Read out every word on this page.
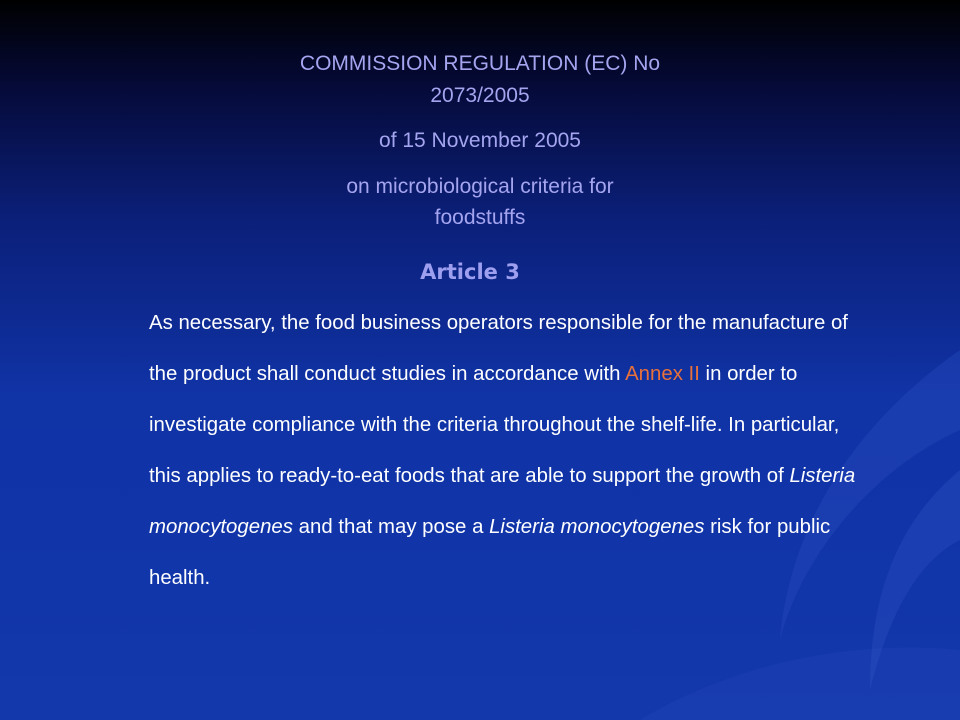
COMMISSION REGULATION (EC) No
2073/2005
of 15 November 2005
on microbiological criteria for
foodstuffs
Article 3
As necessary, the food business operators responsible for the manufacture of the product shall conduct studies in accordance with Annex II in order to investigate compliance with the criteria throughout the shelf-life. In particular, this applies to ready-to-eat foods that are able to support the growth of Listeria monocytogenes and that may pose a Listeria monocytogenes risk for public health.
